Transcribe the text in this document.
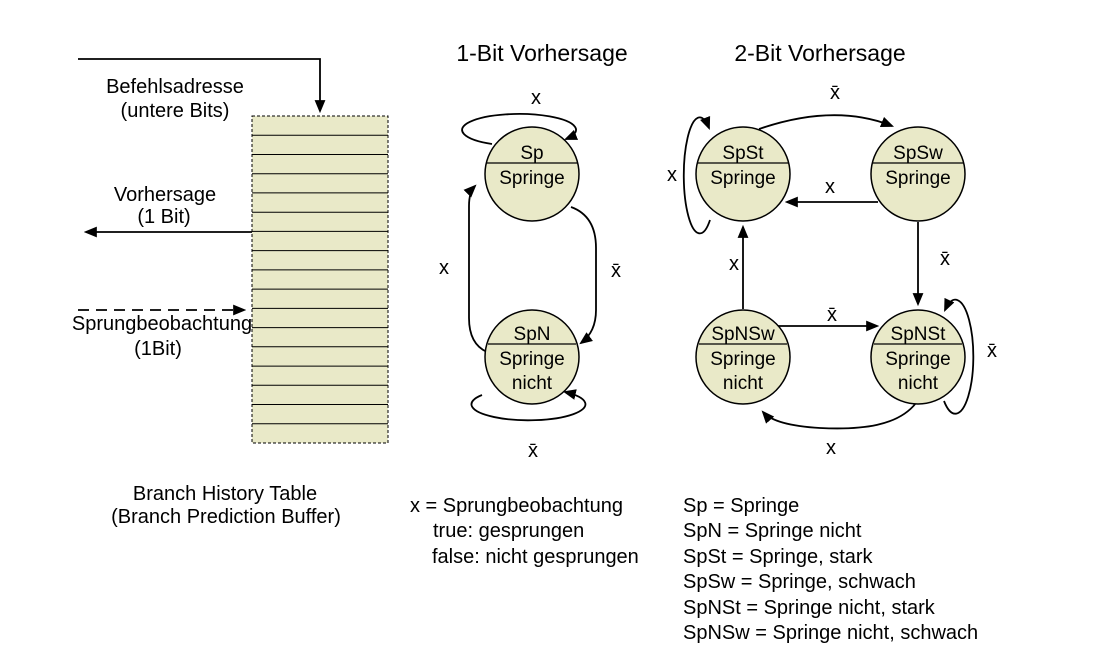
Befehlsadresse
(untere Bits)
Vorhersage
(1 Bit)
Sprungbeobachtung
(1Bit)
Branch History Table
(Branch Prediction Buffer)
1-Bit Vorhersage
Sp
Springe
SpN
Springe
nicht
x
x	x̄
x̄
2-Bit Vorhersage
SpSt
Springe
SpSw
Springe
SpNSw
Springe
nicht
SpNSt
Springe
nicht
x̄
x
x
x̄
x
x̄
x̄
x
x = Sprungbeobachtung
true: gesprungen
false: nicht gesprungen
Sp = Springe
SpN = Springe nicht
SpSt = Springe, stark
SpSw = Springe, schwach
SpNSt = Springe nicht, stark
SpNSw = Springe nicht, schwach
